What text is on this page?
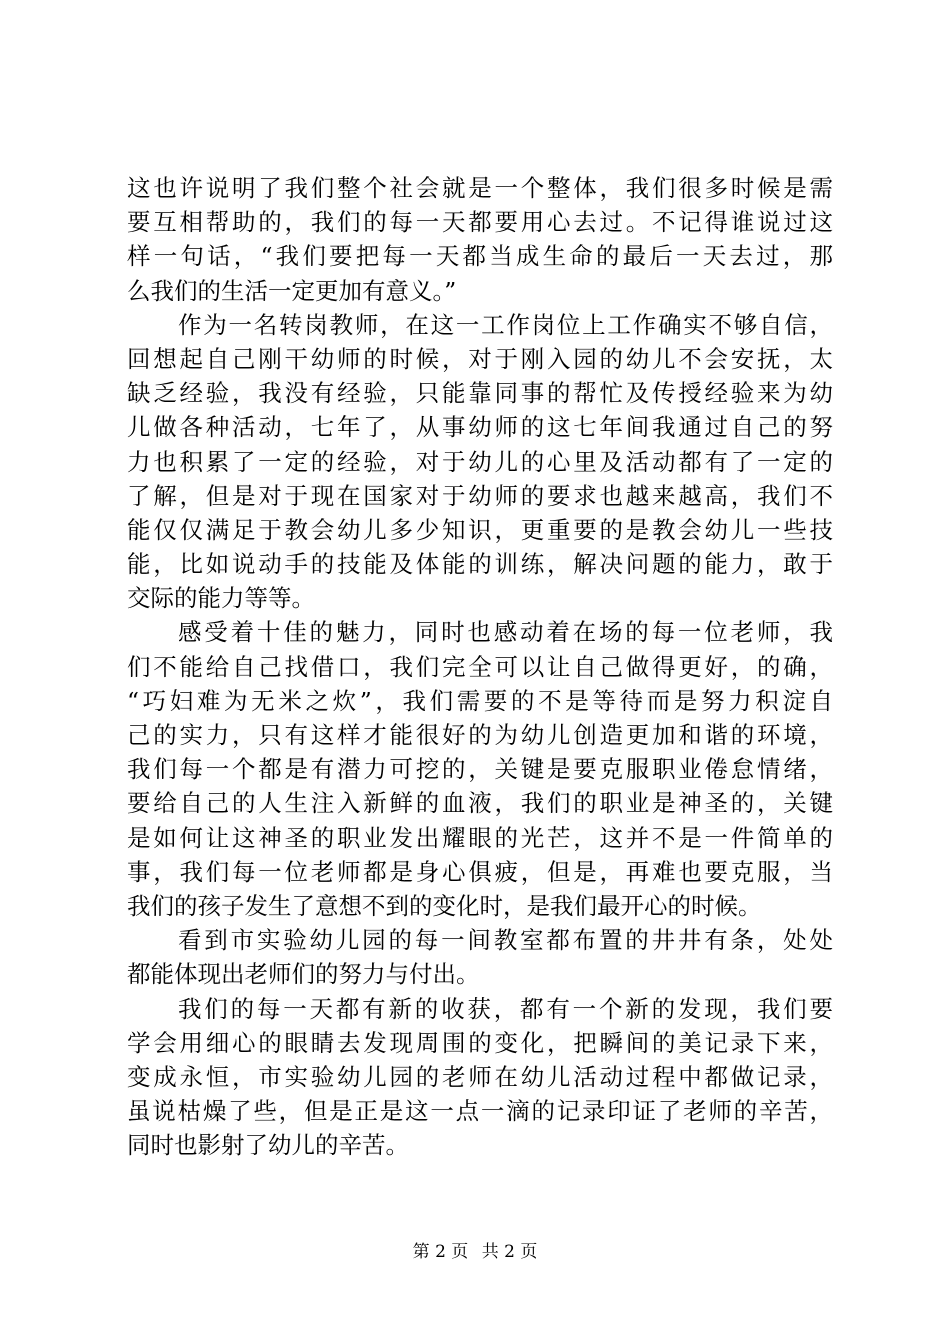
这也许说明了我们整个社会就是一个整体，我们很多时候是需
要互相帮助的，我们的每一天都要用心去过。不记得谁说过这
样一句话，“我们要把每一天都当成生命的最后一天去过，那
么我们的生活一定更加有意义。”
作为一名转岗教师，在这一工作岗位上工作确实不够自信，
回想起自己刚干幼师的时候，对于刚入园的幼儿不会安抚，太
缺乏经验，我没有经验，只能靠同事的帮忙及传授经验来为幼
儿做各种活动，七年了，从事幼师的这七年间我通过自己的努
力也积累了一定的经验，对于幼儿的心里及活动都有了一定的
了解，但是对于现在国家对于幼师的要求也越来越高，我们不
能仅仅满足于教会幼儿多少知识，更重要的是教会幼儿一些技
能，比如说动手的技能及体能的训练，解决问题的能力，敢于
交际的能力等等。
感受着十佳的魅力，同时也感动着在场的每一位老师，我
们不能给自己找借口，我们完全可以让自己做得更好，的确，
“巧妇难为无米之炊”，我们需要的不是等待而是努力积淀自
己的实力，只有这样才能很好的为幼儿创造更加和谐的环境，
我们每一个都是有潜力可挖的，关键是要克服职业倦怠情绪，
要给自己的人生注入新鲜的血液，我们的职业是神圣的，关键
是如何让这神圣的职业发出耀眼的光芒，这并不是一件简单的
事，我们每一位老师都是身心俱疲，但是，再难也要克服，当
我们的孩子发生了意想不到的变化时，是我们最开心的时候。
看到市实验幼儿园的每一间教室都布置的井井有条，处处
都能体现出老师们的努力与付出。
我们的每一天都有新的收获，都有一个新的发现，我们要
学会用细心的眼睛去发现周围的变化，把瞬间的美记录下来，
变成永恒，市实验幼儿园的老师在幼儿活动过程中都做记录，
虽说枯燥了些，但是正是这一点一滴的记录印证了老师的辛苦，
同时也影射了幼儿的辛苦。
第 2 页 共 2 页
